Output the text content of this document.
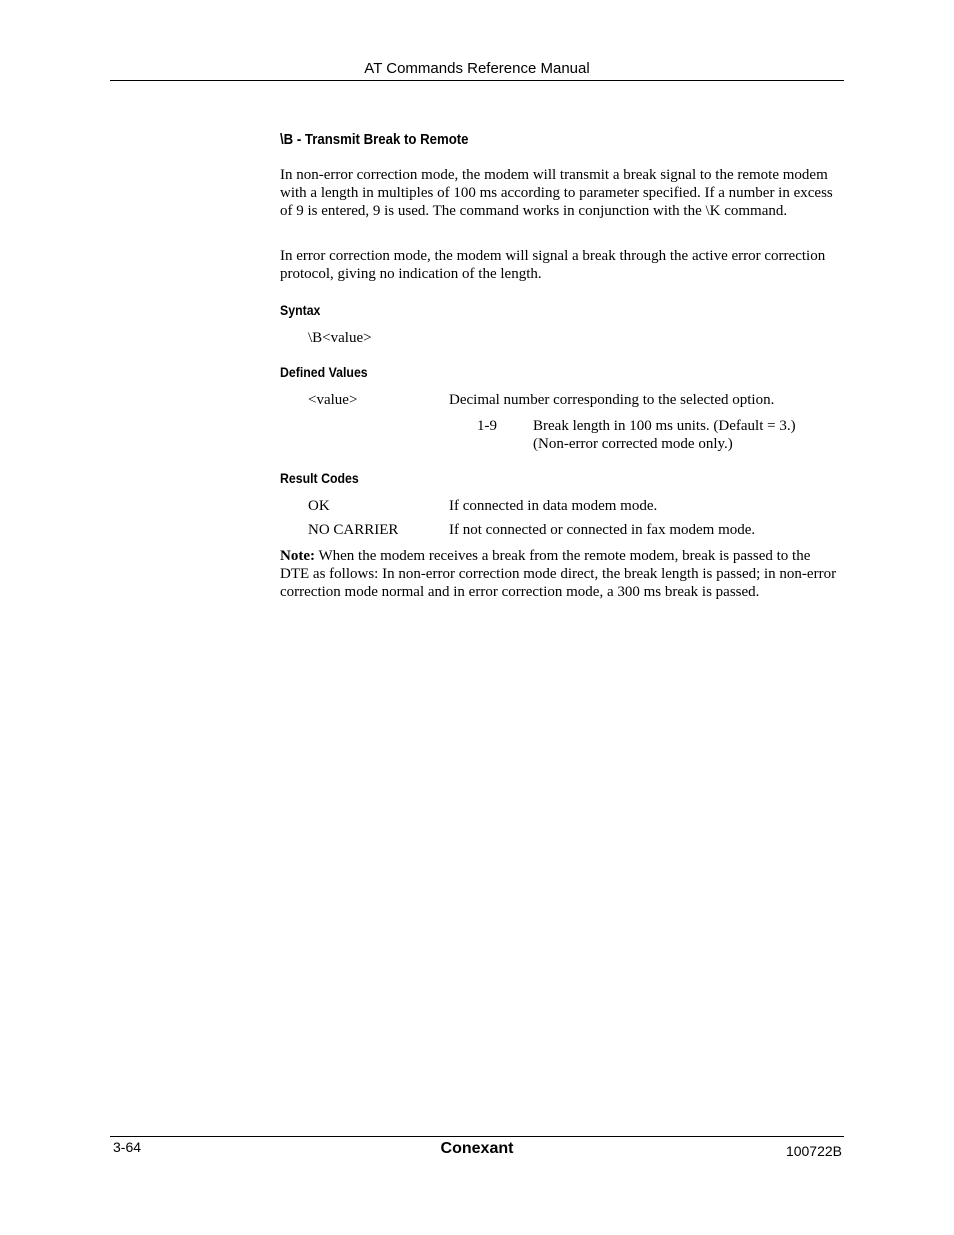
AT Commands Reference Manual
\B - Transmit Break to Remote

In non-error correction mode, the modem will transmit a break signal to the remote modem with a length in multiples of 100 ms according to parameter specified. If a number in excess of 9 is entered, 9 is used. The command works in conjunction with the \K command.

In error correction mode, the modem will signal a break through the active error correction protocol, giving no indication of the length.

Syntax
\B<value>
Defined Values
<value>	Decimal number corresponding to the selected option.
1-9 Break length in 100 ms units. (Default = 3.)
(Non-error corrected mode only.)
Result Codes
OK	If connected in data modem mode.
NO CARRIER	If not connected or connected in fax modem mode.

Note: When the modem receives a break from the remote modem, break is passed to the DTE as follows: In non-error correction mode direct, the break length is passed; in non-error correction mode normal and in error correction mode, a 300 ms break is passed.

3-64	Conexant	100722B
